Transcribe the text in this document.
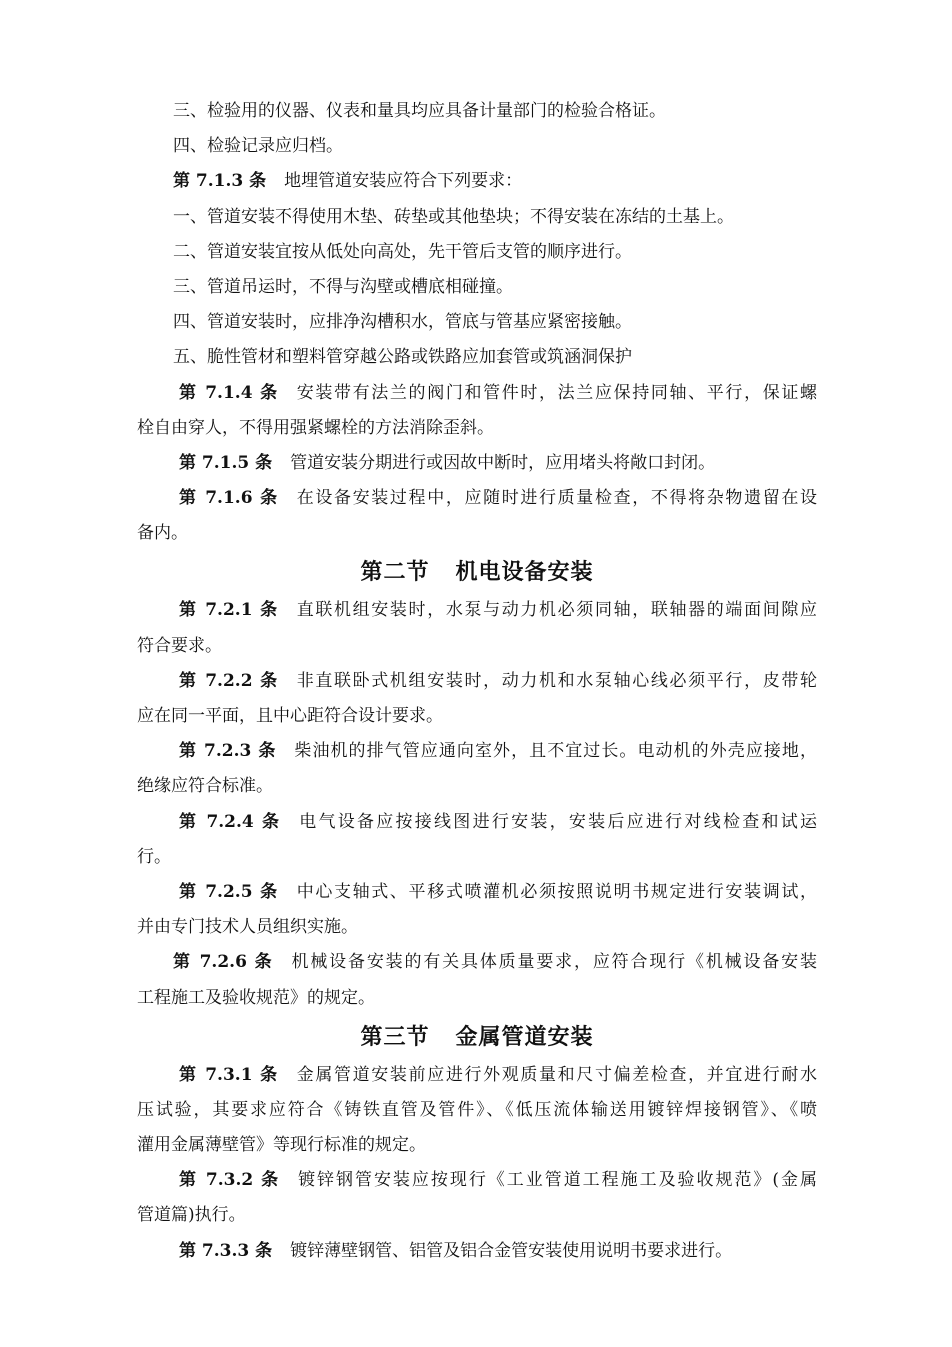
三、检验用的仪器、仪表和量具均应具备计量部门的检验合格证。
四、检验记录应归档。
第 7.1.3 条 地埋管道安装应符合下列要求：
一、管道安装不得使用木垫、砖垫或其他垫块；不得安装在冻结的土基上。
二、管道安装宜按从低处向高处，先干管后支管的顺序进行。
三、管道吊运时，不得与沟壁或槽底相碰撞。
四、管道安装时，应排净沟槽积水，管底与管基应紧密接触。
五、脆性管材和塑料管穿越公路或铁路应加套管或筑涵洞保护
第 7.1.4 条 安装带有法兰的阀门和管件时，法兰应保持同轴、平行，保证螺
栓自由穿人，不得用强紧螺栓的方法消除歪斜。
第 7.1.5 条 管道安装分期进行或因故中断时，应用堵头将敞口封闭。
第 7.1.6 条 在设备安装过程中，应随时进行质量检查，不得将杂物遗留在设
备内。
第二节 机电设备安装
第 7.2.1 条 直联机组安装时，水泵与动力机必须同轴，联轴器的端面间隙应
符合要求。
第 7.2.2 条 非直联卧式机组安装时，动力机和水泵轴心线必须平行，皮带轮
应在同一平面，且中心距符合设计要求。
第 7.2.3 条 柴油机的排气管应通向室外，且不宜过长。电动机的外壳应接地，
绝缘应符合标准。
第 7.2.4 条 电气设备应按接线图进行安装，安装后应进行对线检查和试运
行。
第 7.2.5 条 中心支轴式、平移式喷灌机必须按照说明书规定进行安装调试，
并由专门技术人员组织实施。
第 7.2.6 条 机械设备安装的有关具体质量要求，应符合现行《机械设备安装
工程施工及验收规范》的规定。
第三节 金属管道安装
第 7.3.1 条 金属管道安装前应进行外观质量和尺寸偏差检查，并宜进行耐水
压试验，其要求应符合《铸铁直管及管件》、《低压流体输送用镀锌焊接钢管》、《喷
灌用金属薄壁管》等现行标准的规定。
第 7.3.2 条 镀锌钢管安装应按现行《工业管道工程施工及验收规范》(金属
管道篇)执行。
第 7.3.3 条 镀锌薄壁钢管、铝管及铝合金管安装使用说明书要求进行。
